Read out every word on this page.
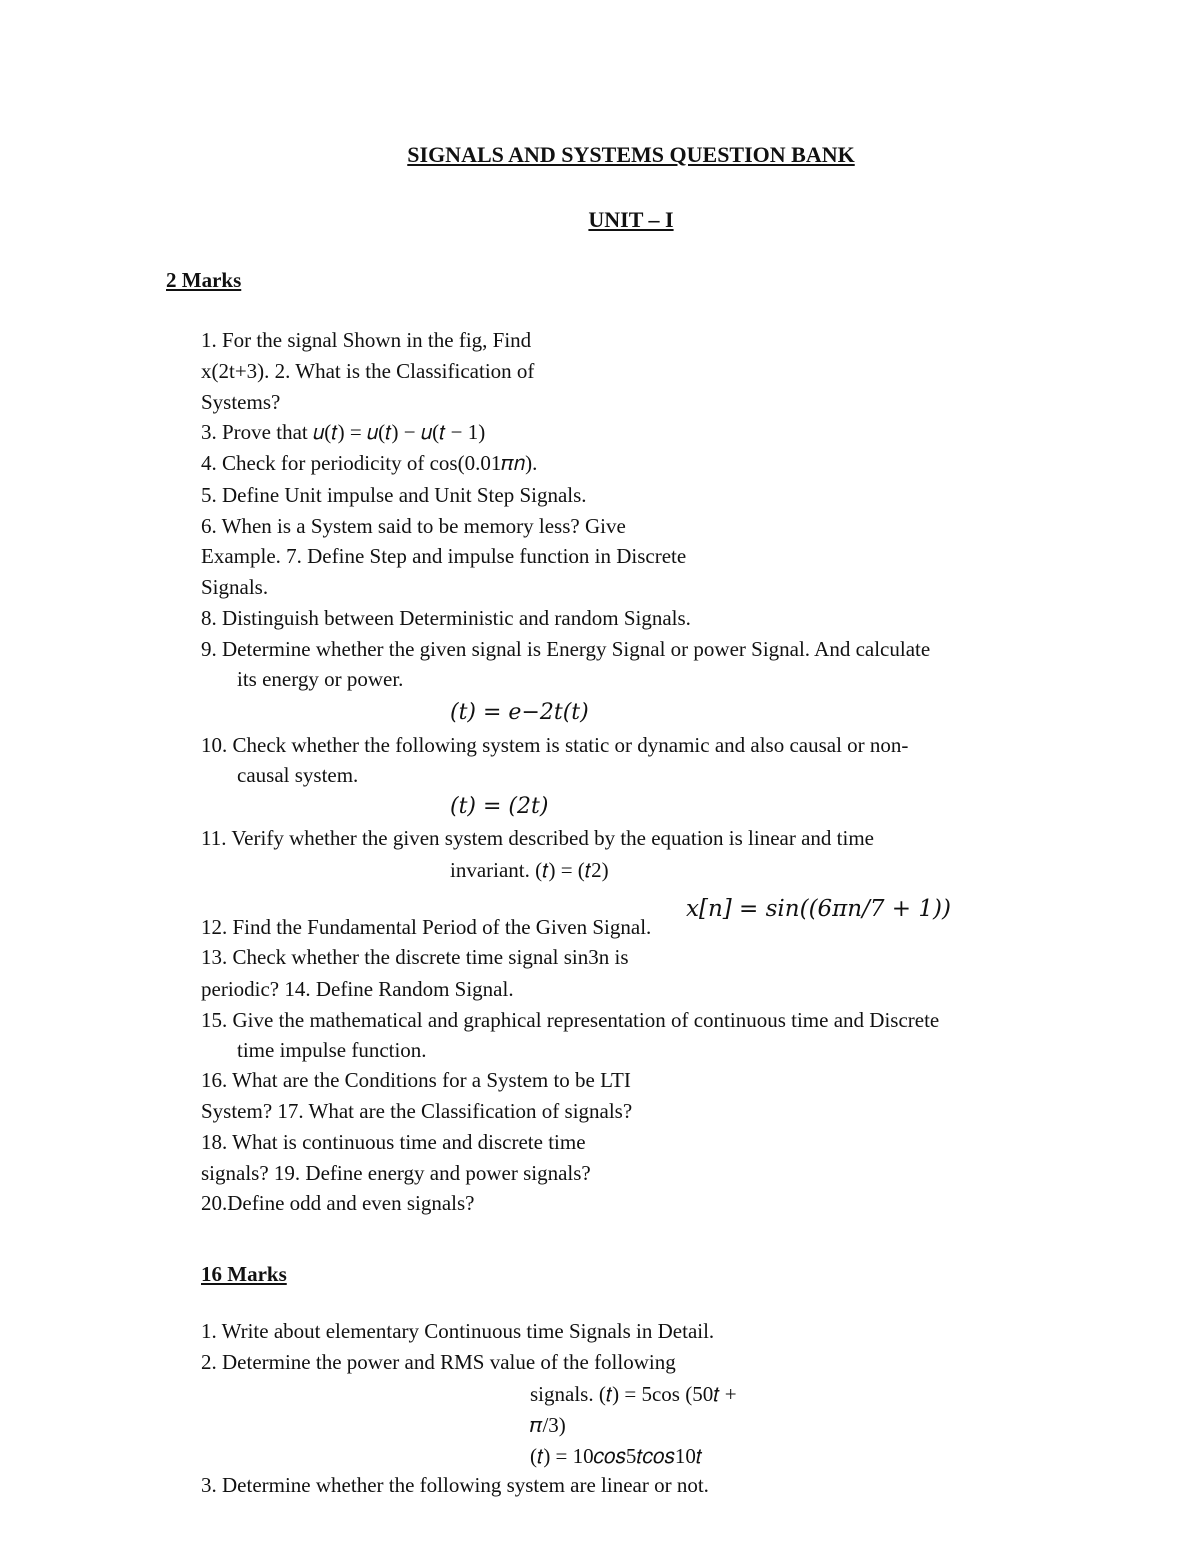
SIGNALS AND SYSTEMS QUESTION BANK
UNIT – I
2 Marks
1. For the signal Shown in the fig, Find
x(2t+3). 2. What is the Classification of
Systems?
3. Prove that 𝑢(𝑡) = 𝑢(𝑡) − 𝑢(𝑡 − 1)
4. Check for periodicity of cos(0.01𝜋𝑛).
5. Define Unit impulse and Unit Step Signals.
6. When is a System said to be memory less? Give
Example. 7. Define Step and impulse function in Discrete
Signals.
8. Distinguish between Deterministic and random Signals.
9. Determine whether the given signal is Energy Signal or power Signal. And calculate
its energy or power.
(𝑡) = 𝑒−2𝑡(𝑡)
10. Check whether the following system is static or dynamic and also causal or non-
causal system.
(𝑡) = (2𝑡)
11. Verify whether the given system described by the equation is linear and time
invariant. (𝑡) = (𝑡2)
𝑥[𝑛] = sin((6𝜋𝑛/7 + 1))
12. Find the Fundamental Period of the Given Signal.
13. Check whether the discrete time signal sin3n is
periodic? 14. Define Random Signal.
15. Give the mathematical and graphical representation of continuous time and Discrete
time impulse function.
16. What are the Conditions for a System to be LTI
System? 17. What are the Classification of signals?
18. What is continuous time and discrete time
signals? 19. Define energy and power signals?
20.Define odd and even signals?
16 Marks
1. Write about elementary Continuous time Signals in Detail.
2. Determine the power and RMS value of the following
signals. (𝑡) = 5cos (50𝑡 +
𝜋/3)
(𝑡) = 10𝑐𝑜𝑠5𝑡𝑐𝑜𝑠10𝑡
3. Determine whether the following system are linear or not.
